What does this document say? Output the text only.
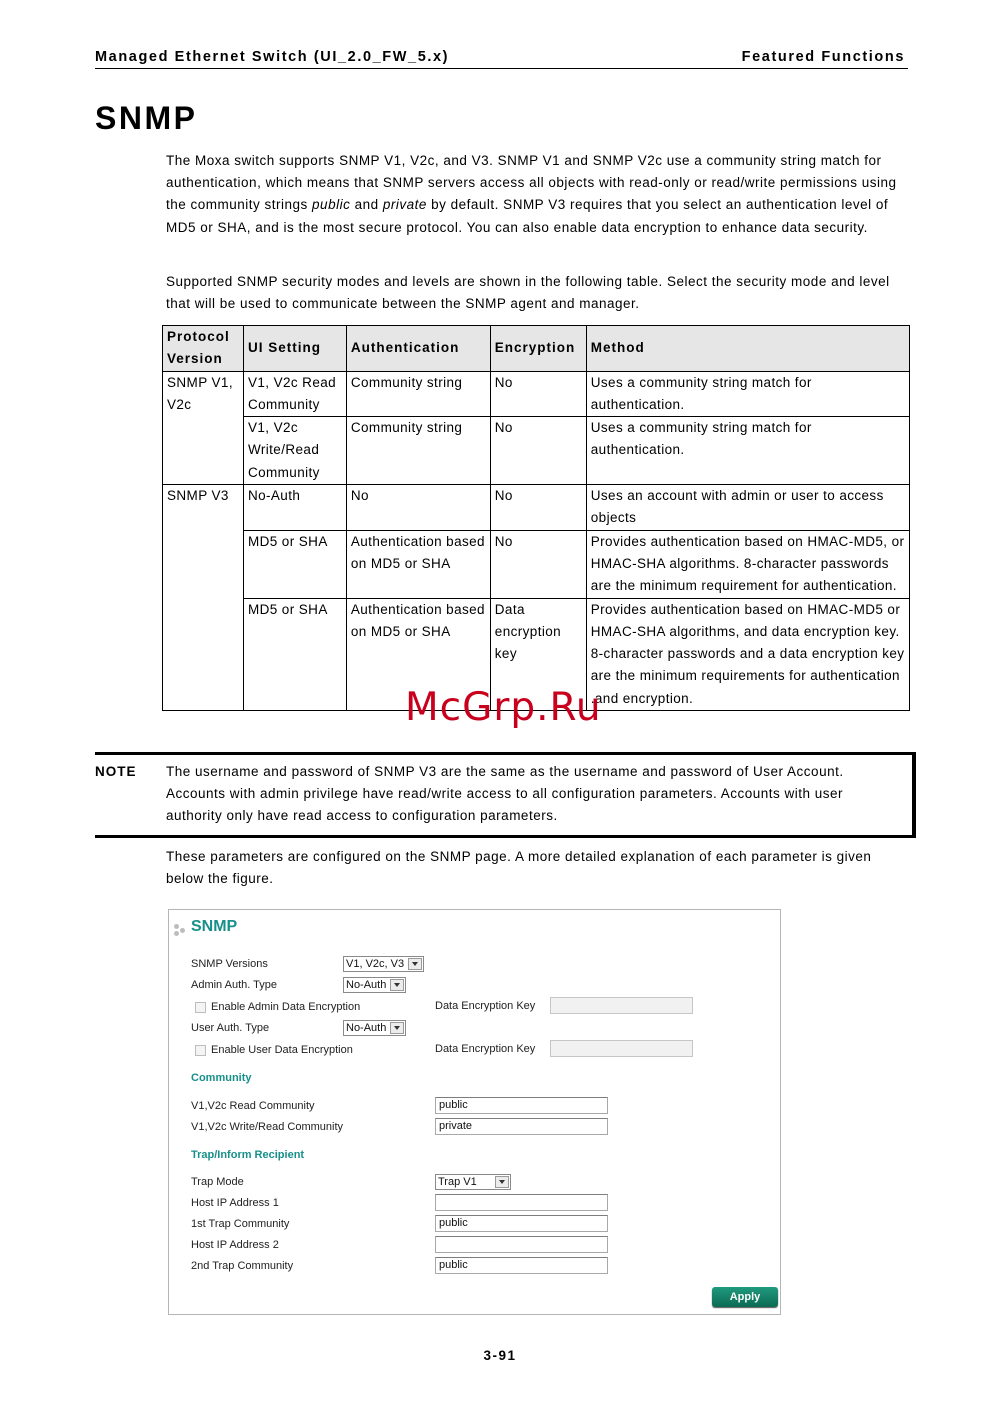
Managed Ethernet Switch (UI_2.0_FW_5.x)	Featured Functions
SNMP

The Moxa switch supports SNMP V1, V2c, and V3. SNMP V1 and SNMP V2c use a community string match for authentication, which means that SNMP servers access all objects with read-only or read/write permissions using the community strings public and private by default. SNMP V3 requires that you select an authentication level of MD5 or SHA, and is the most secure protocol. You can also enable data encryption to enhance data security.

Supported SNMP security modes and levels are shown in the following table. Select the security mode and level that will be used to communicate between the SNMP agent and manager.

Protocol Version	UI Setting	Authentication	Encryption	Method
SNMP V1, V2c	V1, V2c Read Community	Community string	No	Uses a community string match for authentication.
	V1, V2c Write/Read Community	Community string	No	Uses a community string match for authentication.
SNMP V3	No-Auth	No	No	Uses an account with admin or user to access objects
	MD5 or SHA	Authentication based on MD5 or SHA	No	Provides authentication based on HMAC-MD5, or HMAC-SHA algorithms. 8-character passwords are the minimum requirement for authentication.
	MD5 or SHA	Authentication based on MD5 or SHA	Data encryption key	Provides authentication based on HMAC-MD5 or HMAC-SHA algorithms, and data encryption key. 8-character passwords and a data encryption key are the minimum requirements for authentication .and encryption.
McGrp.Ru
NOTE The username and password of SNMP V3 are the same as the username and password of User Account. Accounts with admin privilege have read/write access to all configuration parameters. Accounts with user authority only have read access to configuration parameters.

These parameters are configured on the SNMP page. A more detailed explanation of each parameter is given below the figure.

SNMP
SNMP Versions	V1, V2c, V3
Admin Auth. Type	No-Auth
Enable Admin Data Encryption	Data Encryption Key
User Auth. Type	No-Auth
Enable User Data Encryption	Data Encryption Key
Community
V1,V2c Read Community	public
V1,V2c Write/Read Community	private
Trap/Inform Recipient
Trap Mode	Trap V1
Host IP Address 1
1st Trap Community	public
Host IP Address 2
2nd Trap Community	public
Apply
3-91
